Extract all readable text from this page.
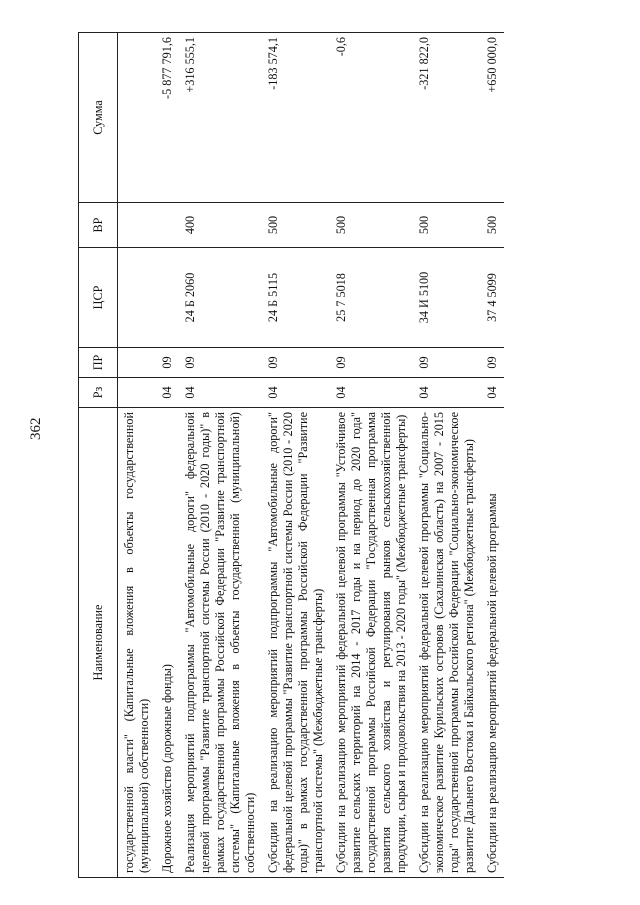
362
Наименование	Рз	ПР	ЦСР	ВР	Сумма
государственной власти" (Капитальные вложения в объекты государственной (муниципальной) собственности)					
Дорожное хозяйство (дорожные фонды)	04	09			-5 877 791,6
Реализация мероприятий подпрограммы "Автомобильные дороги" федеральной целевой программы "Развитие транспортной системы России (2010 - 2020 годы)" в рамках государственной программы Российской Федерации "Развитие транспортной системы" (Капитальные вложения в объекты государственной (муниципальной) собственности)	04	09	24 Б 2060	400	+316 555,1
Субсидии на реализацию мероприятий подпрограммы "Автомобильные дороги" федеральной целевой программы "Развитие транспортной системы России (2010 - 2020 годы)" в рамках государственной программы Российской Федерации "Развитие транспортной системы" (Межбюджетные трансферты)	04	09	24 Б 5115	500	-183 574,1
Субсидии на реализацию мероприятий федеральной целевой программы "Устойчивое развитие сельских территорий на 2014 - 2017 годы и на период до 2020 года" государственной программы Российской Федерации "Государственная программа развития сельского хозяйства и регулирования рынков сельскохозяйственной продукции, сырья и продовольствия на 2013 - 2020 годы" (Межбюджетные трансферты)	04	09	25 7 5018	500	-0,6
Субсидии на реализацию мероприятий федеральной целевой программы "Социально-экономическое развитие Курильских островов (Сахалинская область) на 2007 - 2015 годы" государственной программы Российской Федерации "Социально-экономическое развитие Дальнего Востока и Байкальского региона" (Межбюджетные трансферты)	04	09	34 И 5100	500	-321 822,0
Субсидии на реализацию мероприятий федеральной целевой программы	04	09	37 4 5099	500	+650 000,0
